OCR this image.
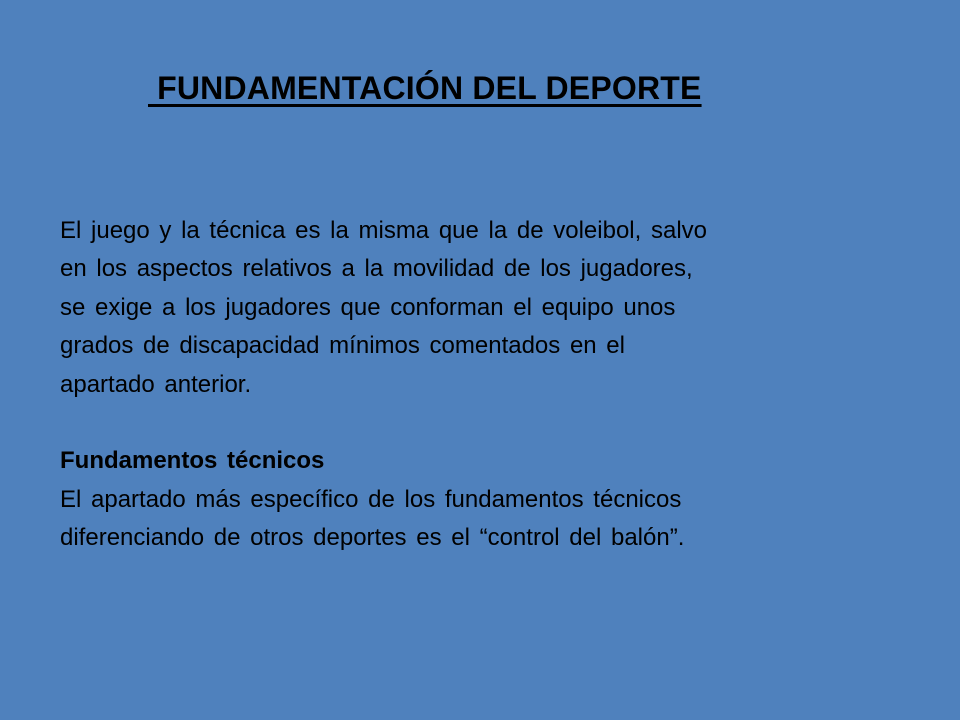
FUNDAMENTACIÓN DEL DEPORTE

El juego y la técnica es la misma que la de voleibol, salvo

en los aspectos relativos a la movilidad de los jugadores,

se exige a los jugadores que conforman el equipo unos

grados de discapacidad mínimos comentados en el

apartado anterior.

Fundamentos técnicos

El apartado más específico de los fundamentos técnicos

diferenciando de otros deportes es el “control del balón”.
